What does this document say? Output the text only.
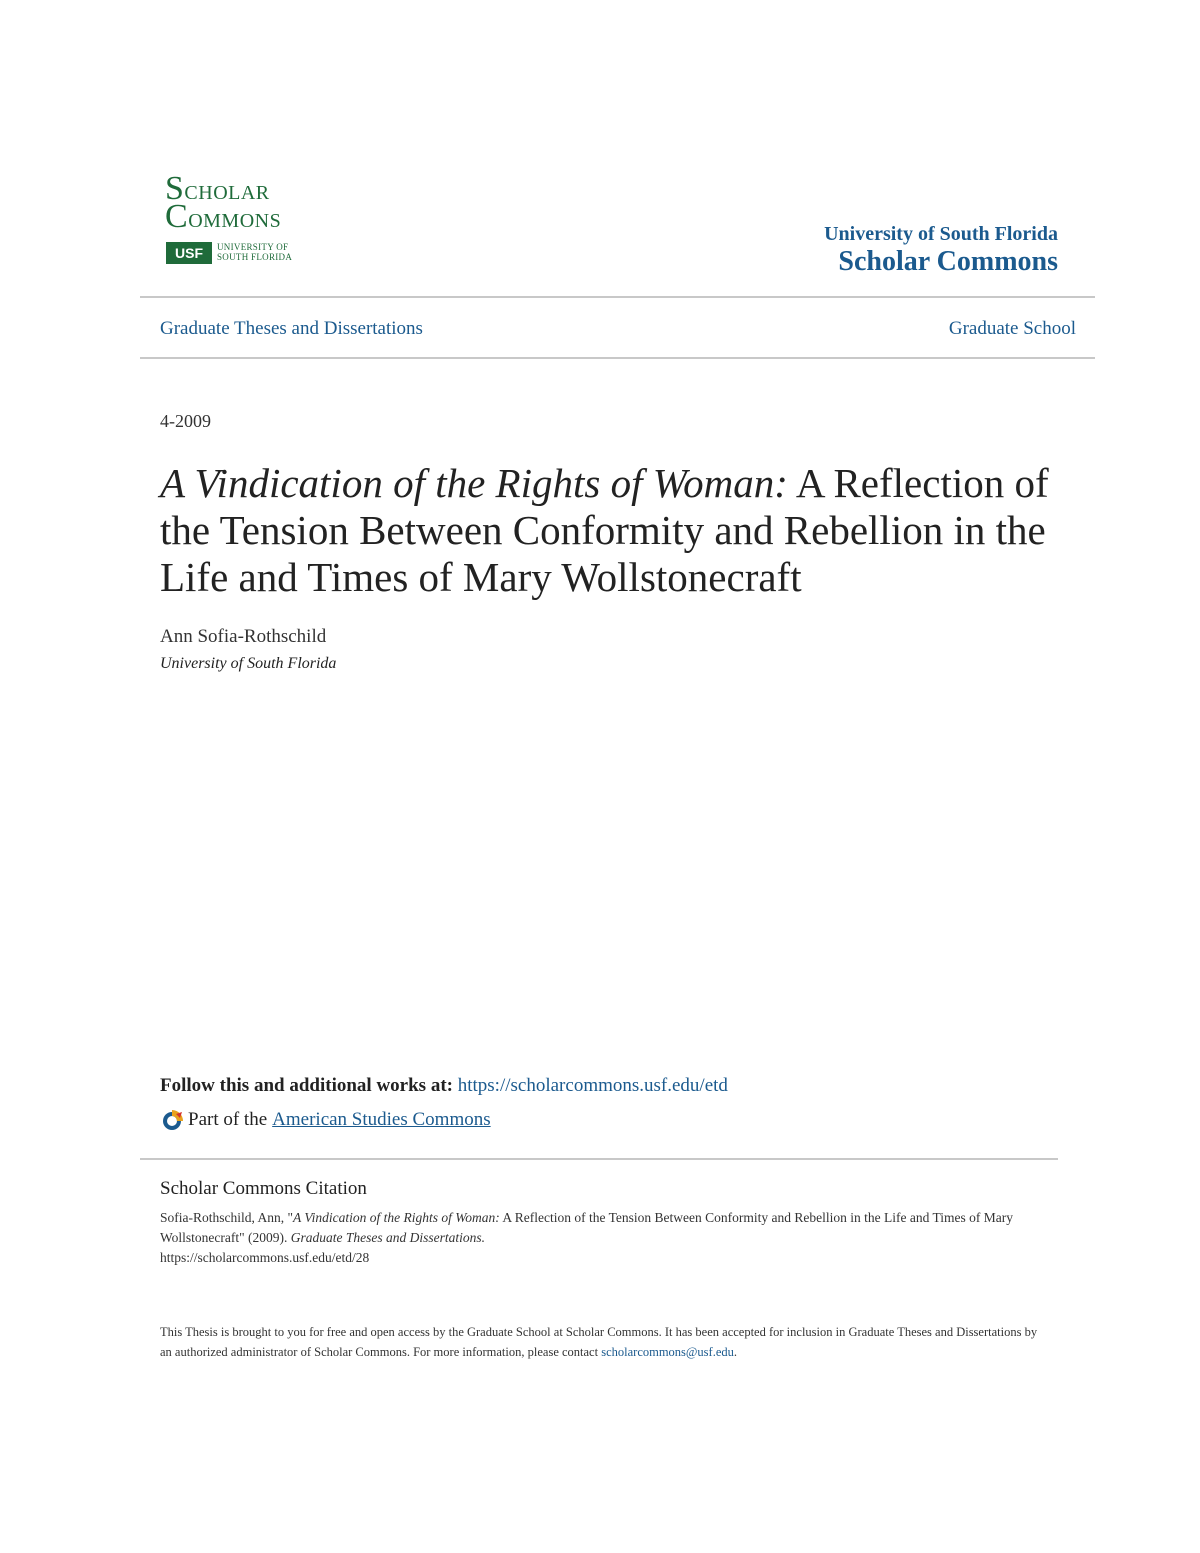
SCHOLAR
COMMONS
USF	UNIVERSITY OF
SOUTH FLORIDA
University of South Florida
Scholar Commons
Graduate Theses and Dissertations	Graduate School
4-2009
A Vindication of the Rights of Woman: A Reflection of the Tension Between Conformity and Rebellion in the Life and Times of Mary Wollstonecraft
Ann Sofia-Rothschild
University of South Florida
Follow this and additional works at: https://scholarcommons.usf.edu/etd
Part of the American Studies Commons
Scholar Commons Citation
Sofia-Rothschild, Ann, "A Vindication of the Rights of Woman: A Reflection of the Tension Between Conformity and Rebellion in the Life and Times of Mary Wollstonecraft" (2009). Graduate Theses and Dissertations.
https://scholarcommons.usf.edu/etd/28
This Thesis is brought to you for free and open access by the Graduate School at Scholar Commons. It has been accepted for inclusion in Graduate Theses and Dissertations by an authorized administrator of Scholar Commons. For more information, please contact scholarcommons@usf.edu.
